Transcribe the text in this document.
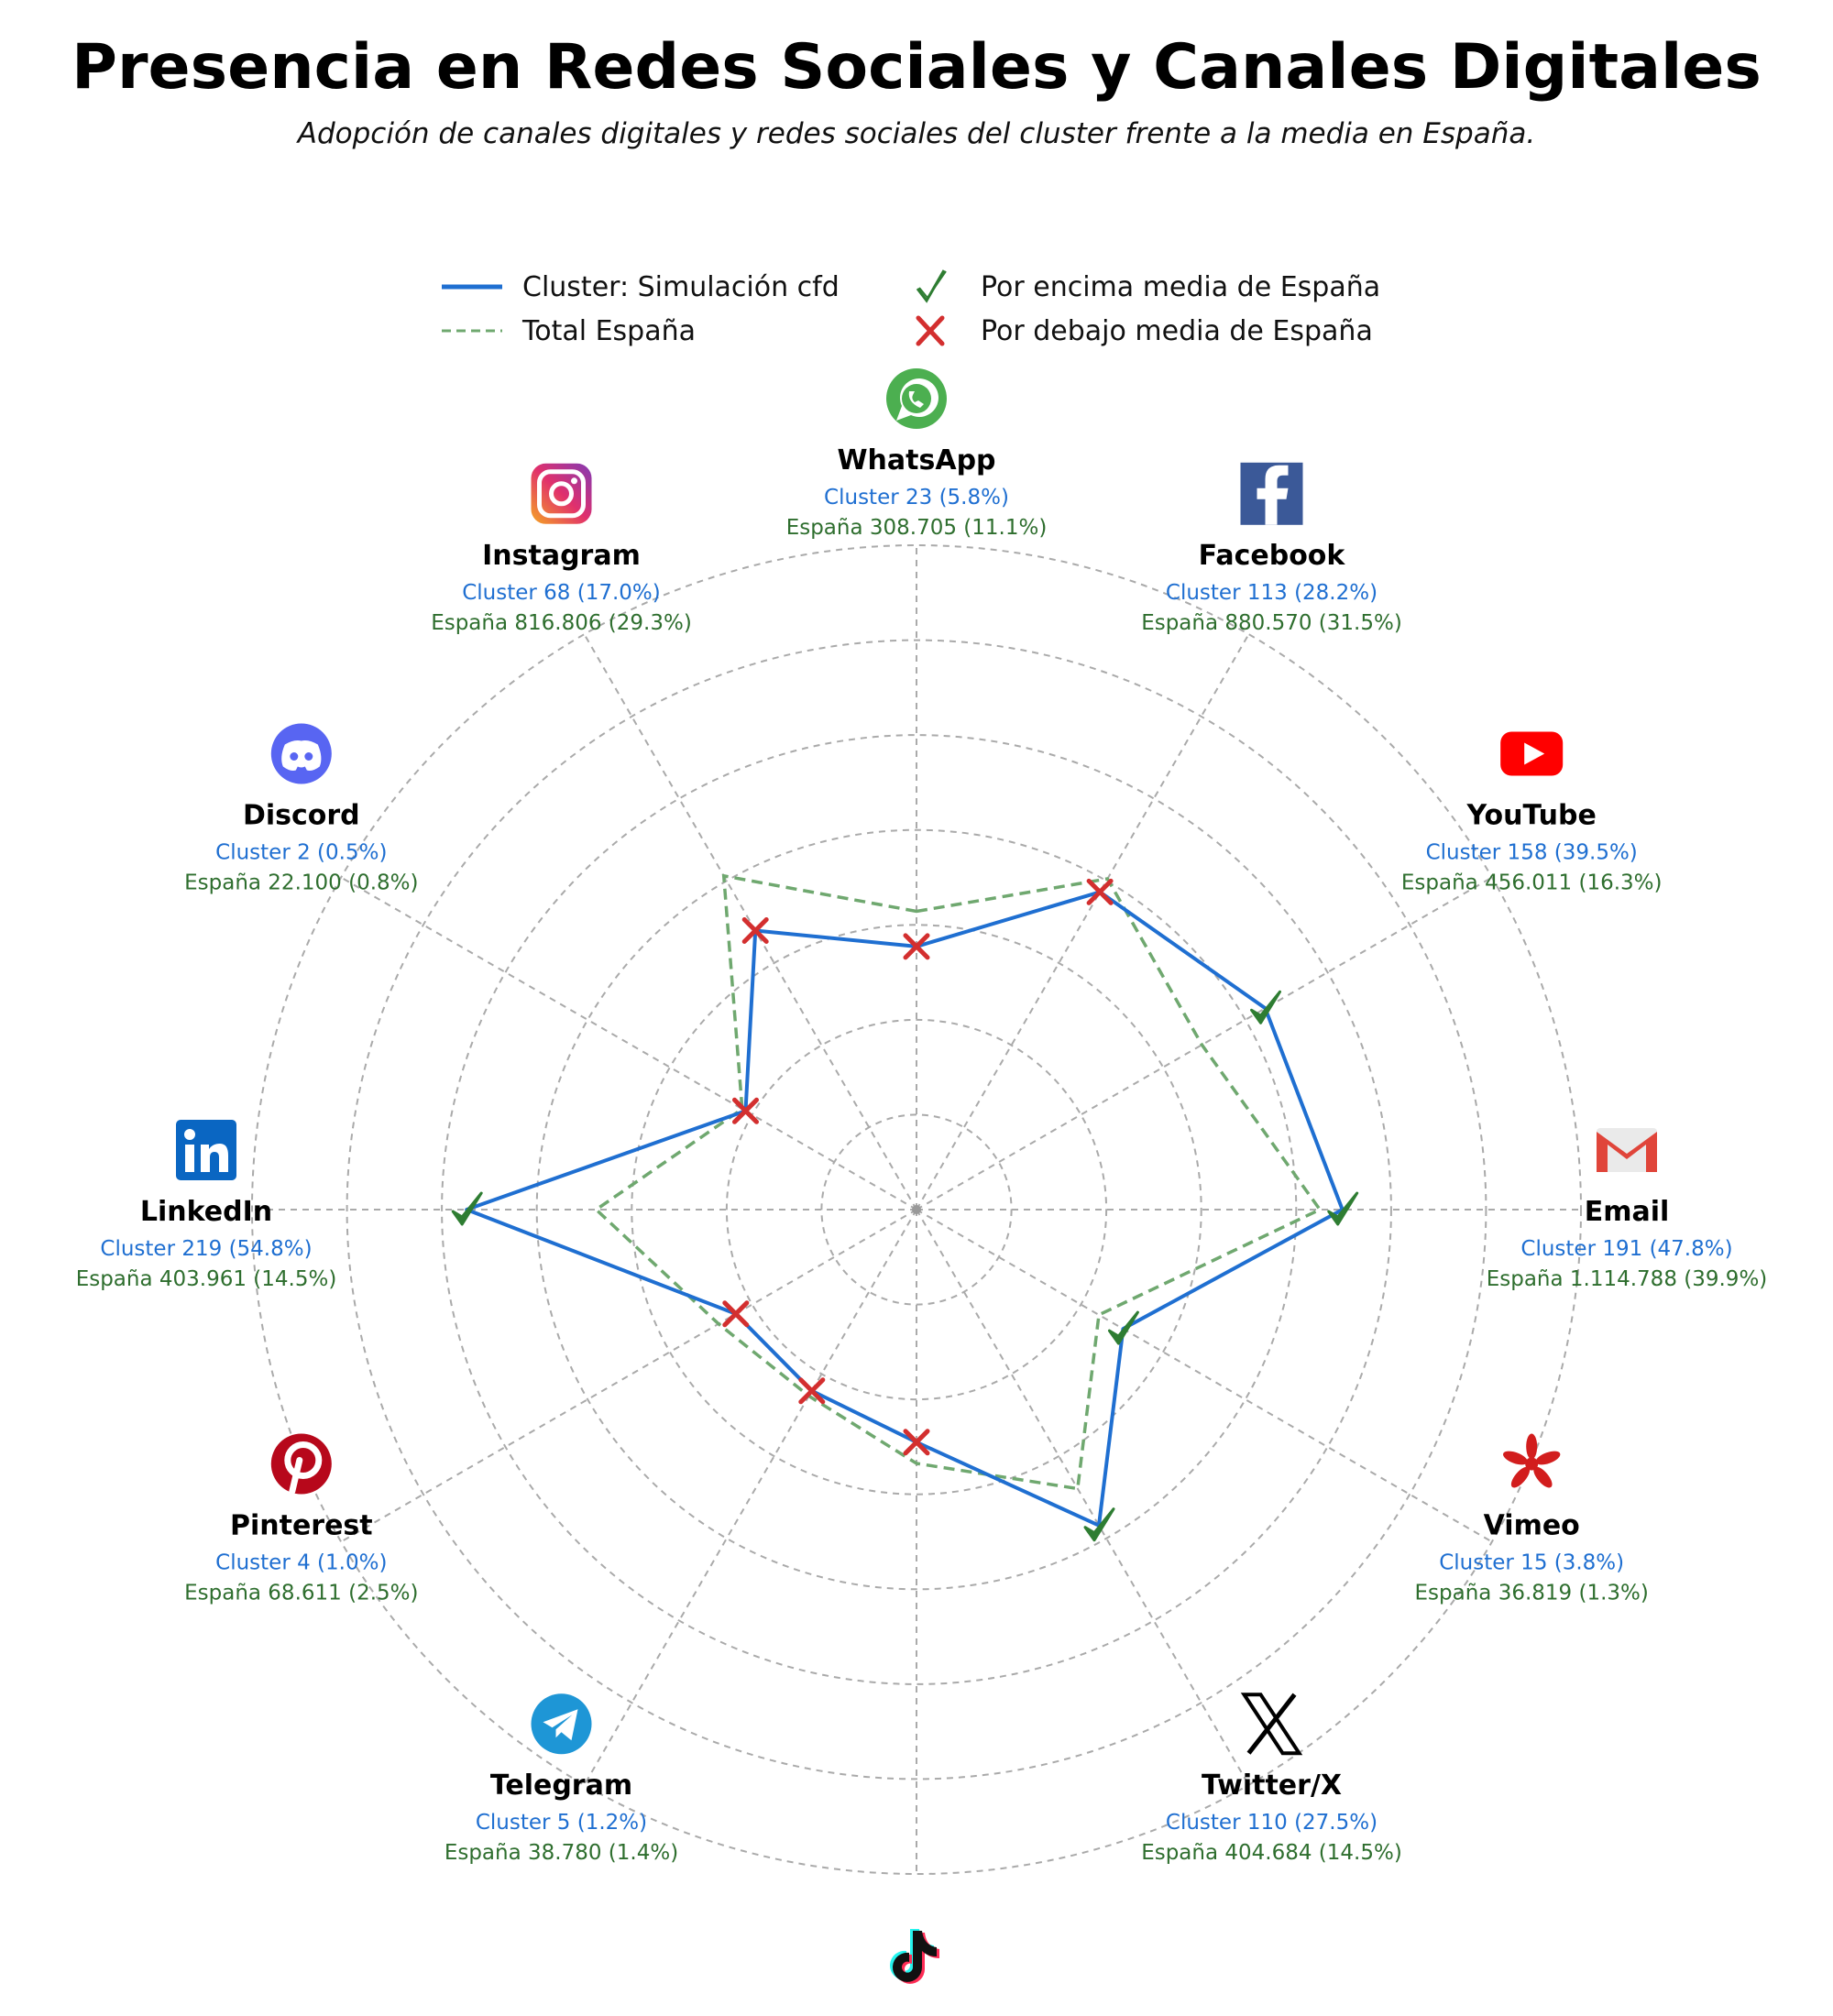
Presencia en Redes Sociales y Canales Digitales
Adopción de canales digitales y redes sociales del cluster frente a la media en España.
Cluster: Simulación cfd
Total España
Por encima media de España
Por debajo media de España
WhatsApp
Cluster 23 (5.8%)
España 308.705 (11.1%)
Facebook
Cluster 113 (28.2%)
España 880.570 (31.5%)
YouTube
Cluster 158 (39.5%)
España 456.011 (16.3%)
Email
Cluster 191 (47.8%)
España 1.114.788 (39.9%)
Vimeo
Cluster 15 (3.8%)
España 36.819 (1.3%)
Twitter/X
Cluster 110 (27.5%)
España 404.684 (14.5%)
Telegram
Cluster 5 (1.2%)
España 38.780 (1.4%)
Pinterest
Cluster 4 (1.0%)
España 68.611 (2.5%)
LinkedIn
Cluster 219 (54.8%)
España 403.961 (14.5%)
Discord
Cluster 2 (0.5%)
España 22.100 (0.8%)
Instagram
Cluster 68 (17.0%)
España 816.806 (29.3%)
